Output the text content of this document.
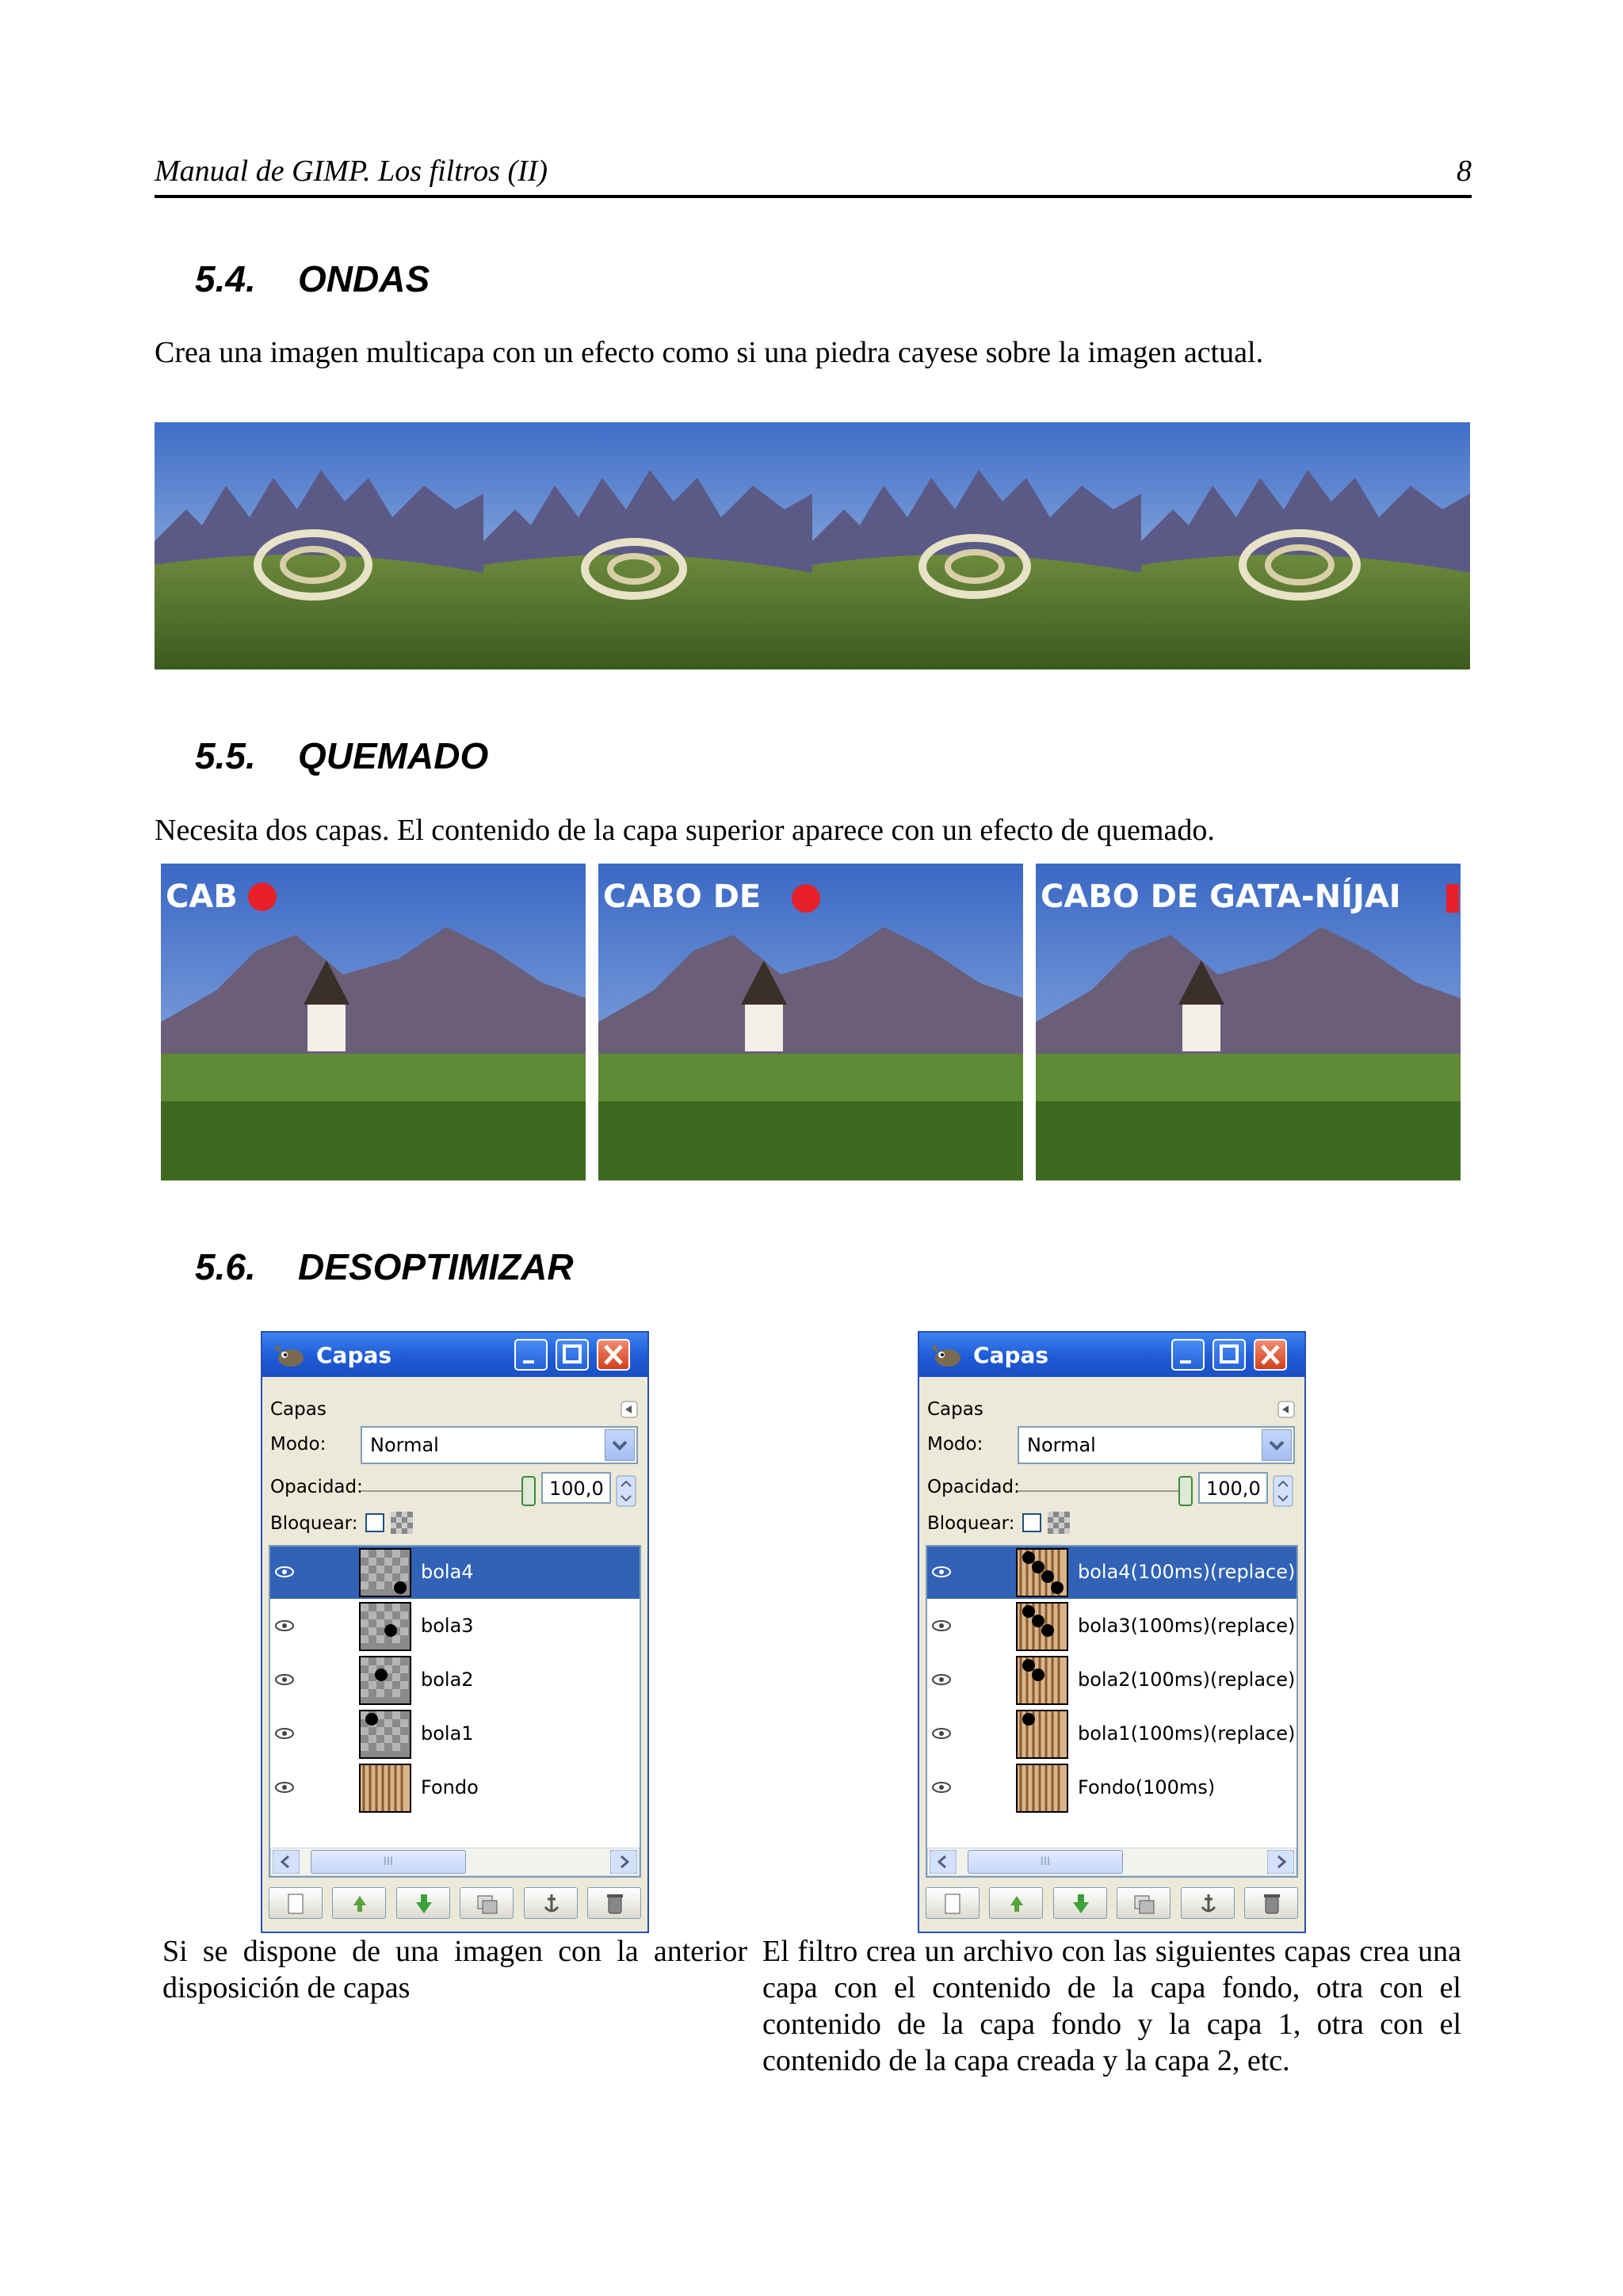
Manual de GIMP. Los filtros (II)	8
5.4. ONDAS
Crea una imagen multicapa con un efecto como si una piedra cayese sobre la imagen actual.
5.5. QUEMADO
Necesita dos capas. El contenido de la capa superior aparece con un efecto de quemado.
CAB	CABO DE	CABO DE GATA-NÍJAI
5.6. DESOPTIMIZAR
Capas
Capas
Modo: Normal
Opacidad:	100,0
Bloquear:
bola4
bola3
bola2
bola1
Fondo
III
Capas
Capas
Modo: Normal
Opacidad:	100,0
Bloquear:
bola4(100ms)(replace)
bola3(100ms)(replace)
bola2(100ms)(replace)
bola1(100ms)(replace)
Fondo(100ms)
III
Si se dispone de una imagen con la anterior disposición de capas
El filtro crea un archivo con las siguientes capas crea una capa con el contenido de la capa fondo, otra con el contenido de la capa fondo y la capa 1, otra con el contenido de la capa creada y la capa 2, etc.
